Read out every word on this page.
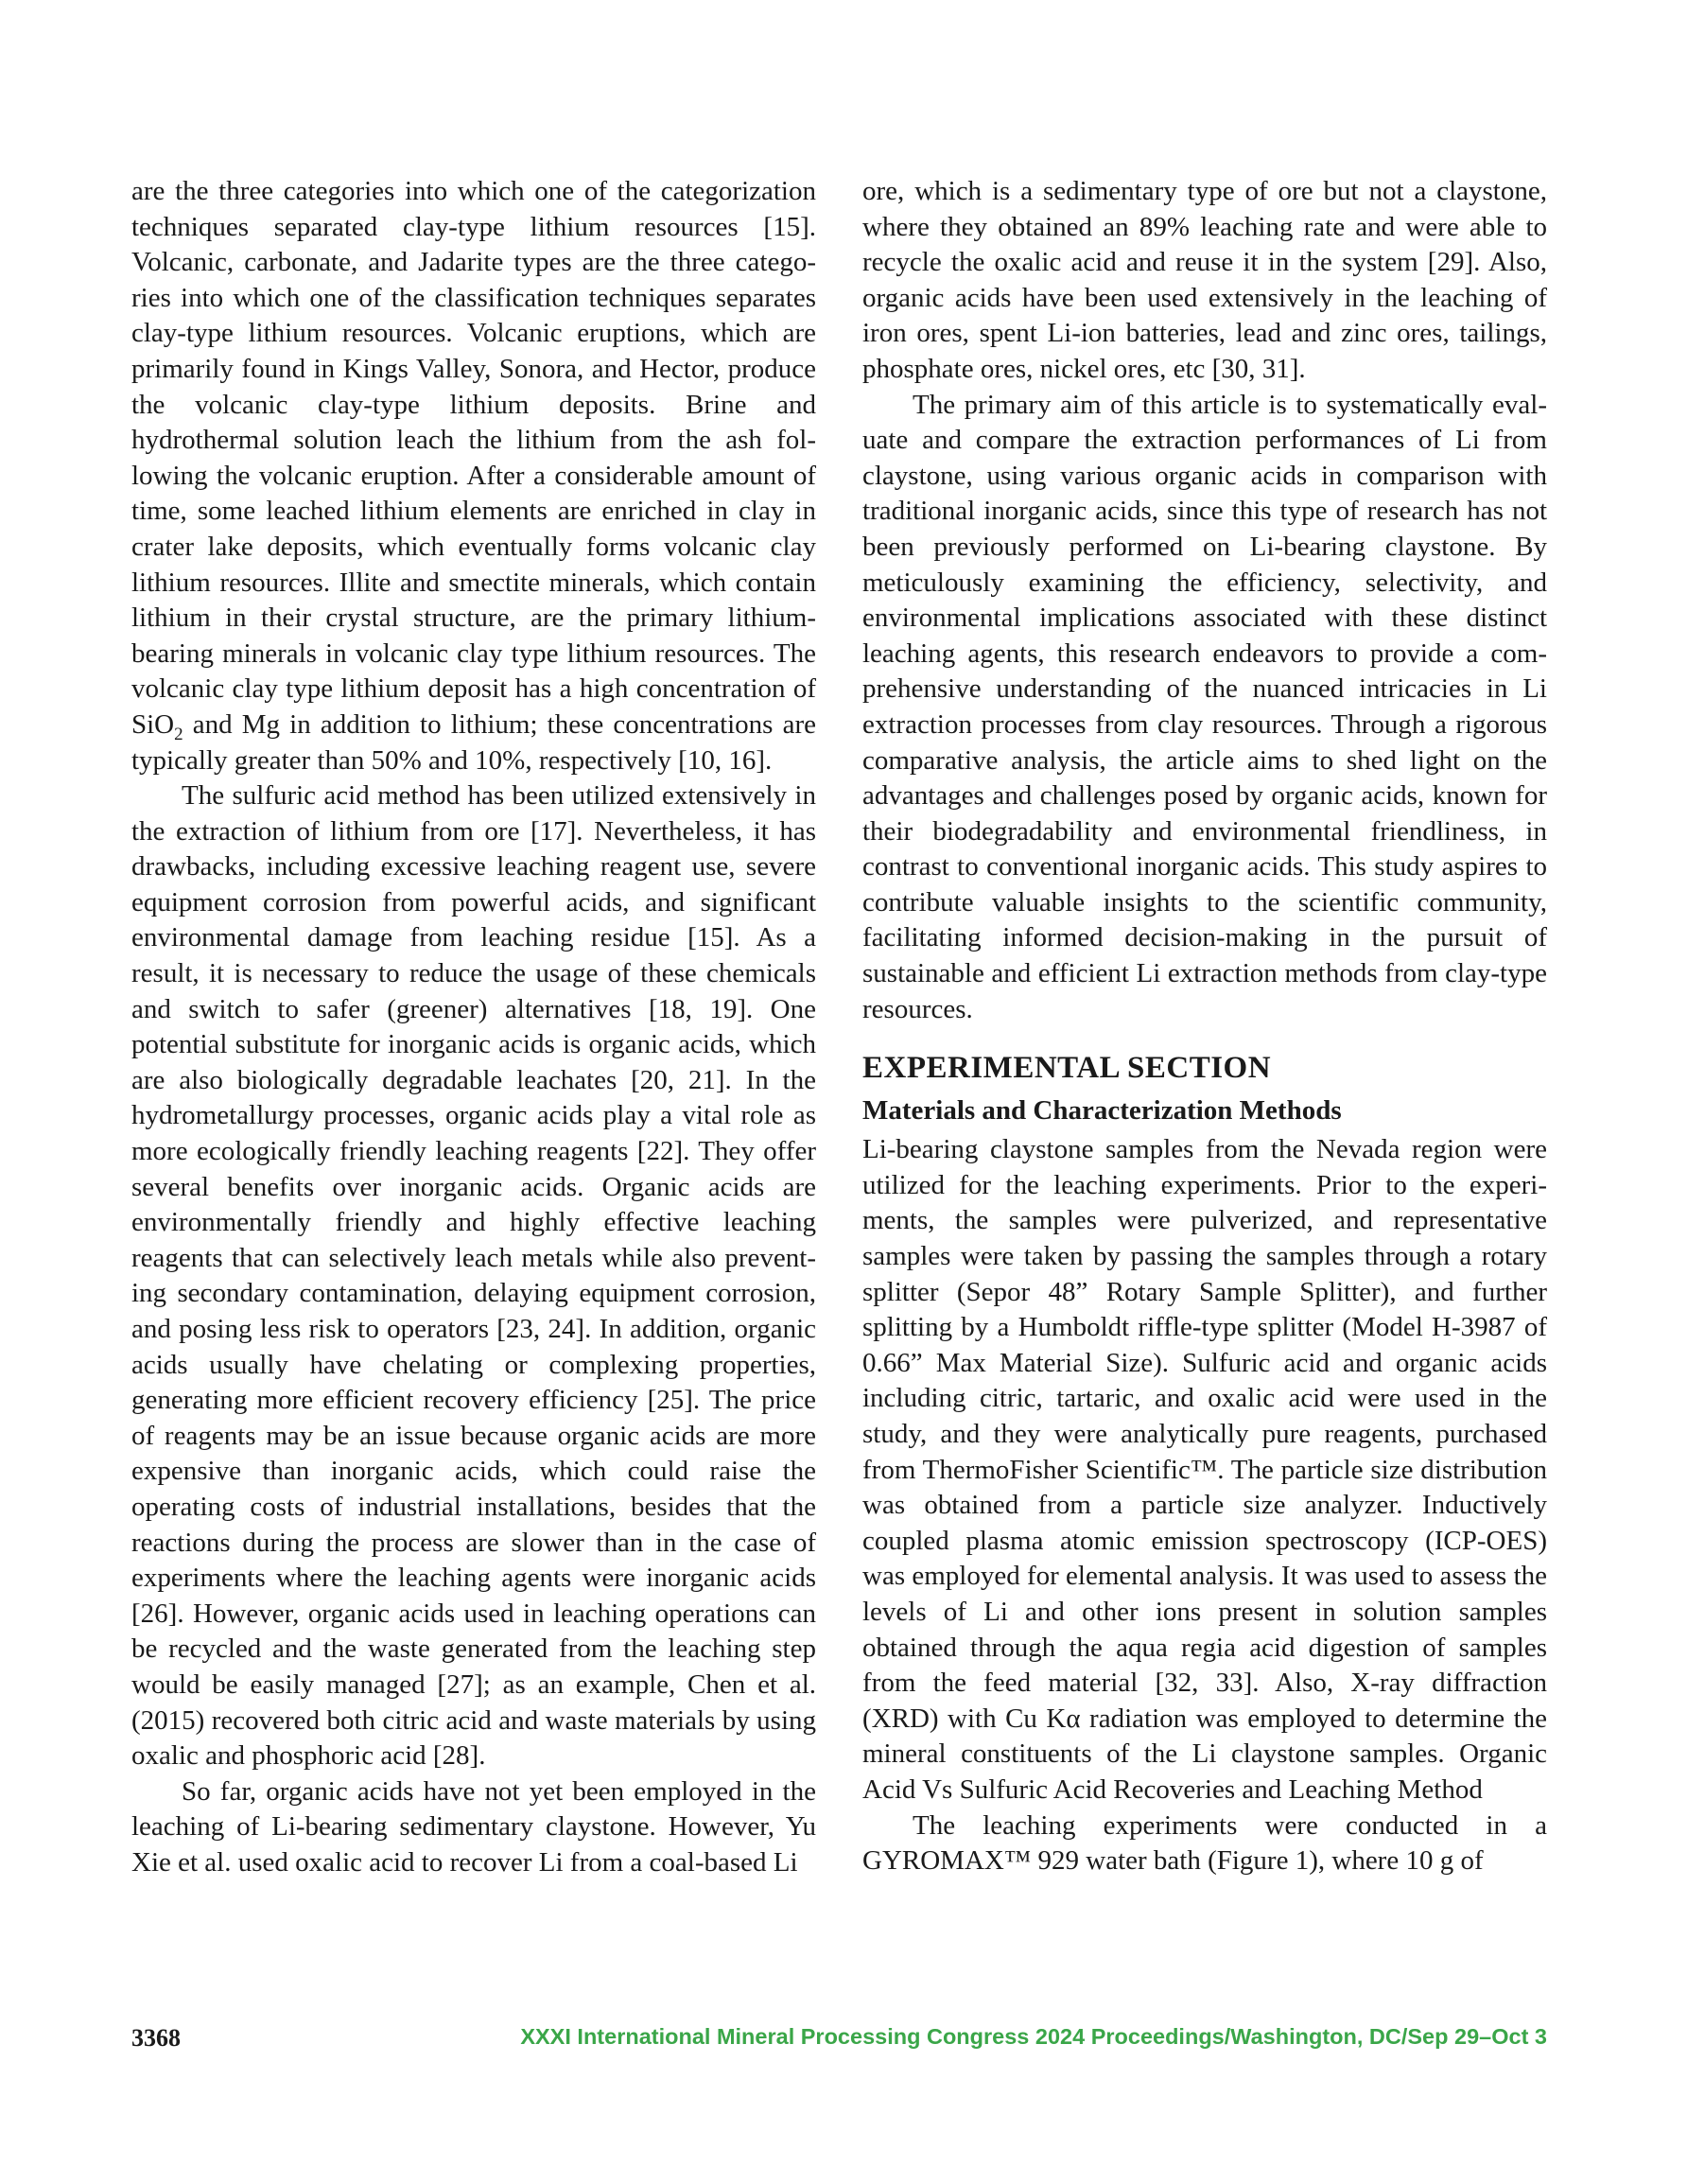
are the three categories into which one of the categorization techniques separated clay-type lithium resources [15]. Volcanic, carbonate, and Jadarite types are the three categories into which one of the classification techniques separates clay-type lithium resources. Volcanic eruptions, which are primarily found in Kings Valley, Sonora, and Hector, produce the volcanic clay-type lithium deposits. Brine and hydrothermal solution leach the lithium from the ash following the volcanic eruption. After a considerable amount of time, some leached lithium elements are enriched in clay in crater lake deposits, which eventually forms volcanic clay lithium resources. Illite and smectite minerals, which contain lithium in their crystal structure, are the primary lithium-bearing minerals in volcanic clay type lithium resources. The volcanic clay type lithium deposit has a high concentration of SiO$_2$ and Mg in addition to lithium; these concentrations are typically greater than 50% and 10%, respectively [10, 16].

The sulfuric acid method has been utilized extensively in the extraction of lithium from ore [17]. Nevertheless, it has drawbacks, including excessive leaching reagent use, severe equipment corrosion from powerful acids, and significant environmental damage from leaching residue [15]. As a result, it is necessary to reduce the usage of these chemicals and switch to safer (greener) alternatives [18, 19]. One potential substitute for inorganic acids is organic acids, which are also biologically degradable leachates [20, 21]. In the hydrometallurgy processes, organic acids play a vital role as more ecologically friendly leaching reagents [22]. They offer several benefits over inorganic acids. Organic acids are environmentally friendly and highly effective leaching reagents that can selectively leach metals while also preventing secondary contamination, delaying equipment corrosion, and posing less risk to operators [23, 24]. In addition, organic acids usually have chelating or complexing properties, generating more efficient recovery efficiency [25]. The price of reagents may be an issue because organic acids are more expensive than inorganic acids, which could raise the operating costs of industrial installations, besides that the reactions during the process are slower than in the case of experiments where the leaching agents were inorganic acids [26]. However, organic acids used in leaching operations can be recycled and the waste generated from the leaching step would be easily managed [27]; as an example, Chen et al. (2015) recovered both citric acid and waste materials by using oxalic and phosphoric acid [28].

So far, organic acids have not yet been employed in the leaching of Li-bearing sedimentary claystone. However, Yu Xie et al. used oxalic acid to recover Li from a coal-based Li

ore, which is a sedimentary type of ore but not a claystone, where they obtained an 89% leaching rate and were able to recycle the oxalic acid and reuse it in the system [29]. Also, organic acids have been used extensively in the leaching of iron ores, spent Li-ion batteries, lead and zinc ores, tailings, phosphate ores, nickel ores, etc [30, 31].

The primary aim of this article is to systematically evaluate and compare the extraction performances of Li from claystone, using various organic acids in comparison with traditional inorganic acids, since this type of research has not been previously performed on Li-bearing claystone. By meticulously examining the efficiency, selectivity, and environmental implications associated with these distinct leaching agents, this research endeavors to provide a comprehensive understanding of the nuanced intricacies in Li extraction processes from clay resources. Through a rigorous comparative analysis, the article aims to shed light on the advantages and challenges posed by organic acids, known for their biodegradability and environmental friendliness, in contrast to conventional inorganic acids. This study aspires to contribute valuable insights to the scientific community, facilitating informed decision-making in the pursuit of sustainable and efficient Li extraction methods from clay-type resources.

EXPERIMENTAL SECTION
Materials and Characterization Methods

Li-bearing claystone samples from the Nevada region were utilized for the leaching experiments. Prior to the experiments, the samples were pulverized, and representative samples were taken by passing the samples through a rotary splitter (Sepor 48” Rotary Sample Splitter), and further splitting by a Humboldt riffle-type splitter (Model H-3987 of 0.66” Max Material Size). Sulfuric acid and organic acids including citric, tartaric, and oxalic acid were used in the study, and they were analytically pure reagents, purchased from ThermoFisher Scientific™. The particle size distribution was obtained from a particle size analyzer. Inductively coupled plasma atomic emission spectroscopy (ICP-OES) was employed for elemental analysis. It was used to assess the levels of Li and other ions present in solution samples obtained through the aqua regia acid digestion of samples from the feed material [32, 33]. Also, X-ray diffraction (XRD) with Cu Kα radiation was employed to determine the mineral constituents of the Li claystone samples. Organic Acid Vs Sulfuric Acid Recoveries and Leaching Method

The leaching experiments were conducted in a GYROMAX™ 929 water bath (Figure 1), where 10 g of

3368	XXXI International Mineral Processing Congress 2024 Proceedings/Washington, DC/Sep 29–Oct 3
